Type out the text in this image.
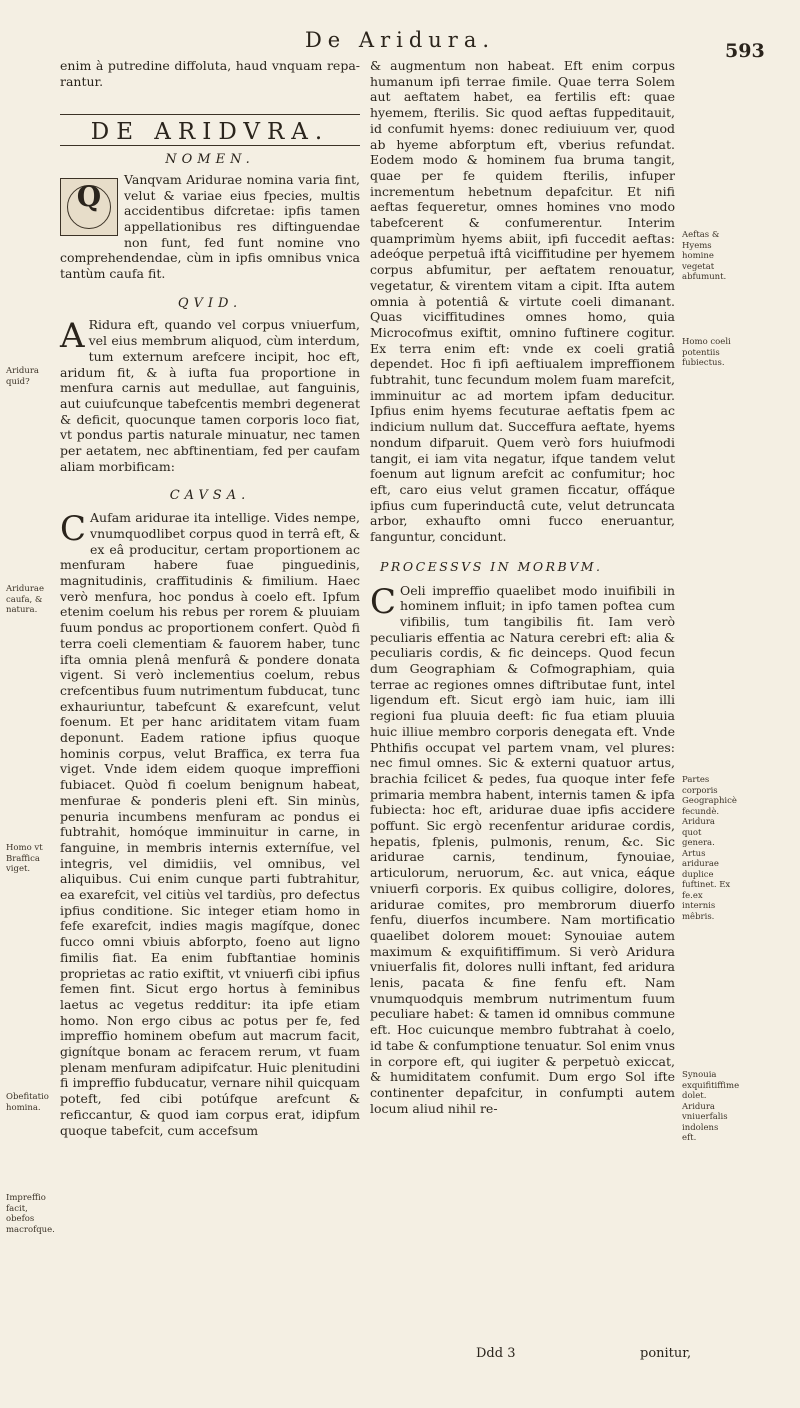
De Aridura.	593
Aridura quid?
Aridurae caufa, & natura.
Homo vt Braffica viget.
Obefitatio homina.
Impreffio facit, obefos macrofque.
Aeftas & Hyems homine vegetat abfumunt.
Homo coeli potentiis fubiectus.
Partes corporis Geographicè fecundè. Aridura quot genera. Artus aridurae duplice fuftinet. Ex fe.ex internis mêbris.
Synouia exquifitiffime dolet. Aridura vniuerfalis indolens eft.

enim à putredine diffoluta, haud vnquam repa-rantur.

DE ARIDVRA.
NOMEN.

Q
Vanqvam Aridurae nomina varia fint, velut & variae eius fpecies, multis accidentibus difcretae: ipfis tamen appellationibus res diftinguendae non funt, fed funt nomine vno comprehendendae, cùm in ipfis omnibus vnica tantùm caufa fit.

QVID.

A Ridura eft, quando vel corpus vniuerfum, vel eius membrum aliquod, cùm interdum, tum externum arefcere incipit, hoc eft, aridum fit, & à iufta fua proportione in menfura carnis aut medullae, aut fanguinis, aut cuiufcunque tabefcentis membri degenerat & deficit, quocunque tamen corporis loco fiat, vt pondus partis naturale minuatur, nec tamen per aetatem, nec abftinentiam, fed per caufam aliam morbificam:

CAVSA.

C Aufam aridurae ita intellige. Vides nempe, vnumquodlibet corpus quod in terrâ eft, & ex eâ producitur, certam proportionem ac menfuram habere fuae pinguedinis, magnitudinis, craffitudinis & fimilium. Haec verò menfura, hoc pondus à coelo eft. Ipfum etenim coelum his rebus per rorem & pluuiam fuum pondus ac proportionem confert. Quòd fi terra coeli clementiam & fauorem haber, tunc ifta omnia plenâ menfurâ & pondere donata vigent. Si verò inclementius coelum, rebus crefcentibus fuum nutrimentum fubducat, tunc exhauriuntur, tabefcunt & exarefcunt, velut foenum. Et per hanc ariditatem vitam fuam deponunt. Eadem ratione ipfius quoque hominis corpus, velut Braffica, ex terra fua viget. Vnde idem eidem quoque impreffioni fubiacet. Quòd fi coelum benignum habeat, menfurae & ponderis pleni eft. Sin minùs, penuria incumbens menfuram ac pondus ei fubtrahit, homóque imminuitur in carne, in fanguine, in membris internis externífue, vel integris, vel dimidiis, vel omnibus, vel aliquibus. Cui enim cunque parti fubtrahitur, ea exarefcit, vel citiùs vel tardiùs, pro defectus ipfius conditione. Sic integer etiam homo in fefe exarefcit, indies magis magífque, donec fucco omni vbiuis abforpto, foeno aut ligno fimilis fiat. Ea enim fubftantiae hominis proprietas ac ratio exiftit, vt vniuerfi cibi ipfius femen fint. Sicut ergo hortus à feminibus laetus ac vegetus redditur: ita ipfe etiam homo. Non ergo cibus ac potus per fe, fed impreffio hominem obefum aut macrum facit, gignítque bonam ac feracem rerum, vt fuam plenam menfuram adipifcatur. Huic plenitudini fi impreffio fubducatur, vernare nihil quicquam poteft, fed cibi potúfque arefcunt & reficcantur, & quod iam corpus erat, idipfum quoque tabefcit, cum accefsum

& augmentum non habeat. Eft enim corpus humanum ipfi terrae fimile. Quae terra Solem aut aeftatem habet, ea fertilis eft: quae hyemem, fterilis. Sic quod aeftas fuppeditauit, id confumit hyems: donec rediuiuum ver, quod ab hyeme abforptum eft, vberius refundat. Eodem modo & hominem fua bruma tangit, quae per fe quidem fterilis, infuper incrementum hebetnum depafcitur. Et nifi aeftas fequeretur, omnes homines vno modo tabefcerent & confumerentur. Interim quamprimùm hyems abiit, ipfi fuccedit aeftas: adeóque perpetuâ iftâ viciffitudine per hyemem corpus abfumitur, per aeftatem renouatur, vegetatur, & virentem vitam a cipit. Ifta autem omnia à potentiâ & virtute coeli dimanant. Quas viciffitudines omnes homo, quia Microcofmus exiftit, omnino fuftinere cogitur. Ex terra enim eft: vnde ex coeli gratiâ dependet. Hoc fi ipfi aeftiualem impreffionem fubtrahit, tunc fecundum molem fuam marefcit, imminuitur ac ad mortem ipfam deducitur. Ipfius enim hyems fecuturae aeftatis fpem ac indicium nullum dat. Succeffura aeftate, hyems nondum difparuit. Quem verò fors huiufmodi tangit, ei iam vita negatur, ifque tandem velut foenum aut lignum arefcit ac confumitur; hoc eft, caro eius velut gramen ficcatur, offáque ipfius cum fuperinductâ cute, velut detruncata arbor, exhaufto omni fucco eneruantur, fanguntur, concidunt.

PROCESSVS IN MORBVM.

C Oeli impreffio quaelibet modo inuifibili in hominem influit; in ipfo tamen poftea cum vifibilis, tum tangibilis fit. Iam verò peculiaris effentia ac Natura cerebri eft: alia & peculiaris cordis, & fic deinceps. Quod fecun dum Geographiam & Cofmographiam, quia terrae ac regiones omnes diftributae funt, intel ligendum eft. Sicut ergò iam huic, iam illi regioni fua pluuia deeft: fic fua etiam pluuia huic illiue membro corporis denegata eft. Vnde Phthifis occupat vel partem vnam, vel plures: nec fimul omnes. Sic & externi quatuor artus, brachia fcilicet & pedes, fua quoque inter fefe primaria membra habent, internis tamen & ipfa fubiecta: hoc eft, aridurae duae ipfis accidere poffunt. Sic ergò recenfentur aridurae cordis, hepatis, fplenis, pulmonis, renum, &c. Sic aridurae carnis, tendinum, fynouiae, articulorum, neruorum, &c. aut vnica, eáque vniuerfi corporis. Ex quibus colligire, dolores, aridurae comites, pro membrorum diuerfo fenfu, diuerfos incumbere. Nam mortificatio quaelibet dolorem mouet: Synouiae autem maximum & exquifitiffimum. Si verò Aridura vniuerfalis fit, dolores nulli inftant, fed aridura lenis, pacata & fine fenfu eft. Nam vnumquodquis membrum nutrimentum fuum peculiare habet: & tamen id omnibus commune eft. Hoc cuicunque membro fubtrahat à coelo, id tabe & confumptione tenuatur. Sol enim vnus in corpore eft, qui iugiter & perpetuò exiccat, & humiditatem confumit. Dum ergo Sol ifte continenter depafcitur, in confumpti autem locum aliud nihil re-

Ddd 3	ponitur,
